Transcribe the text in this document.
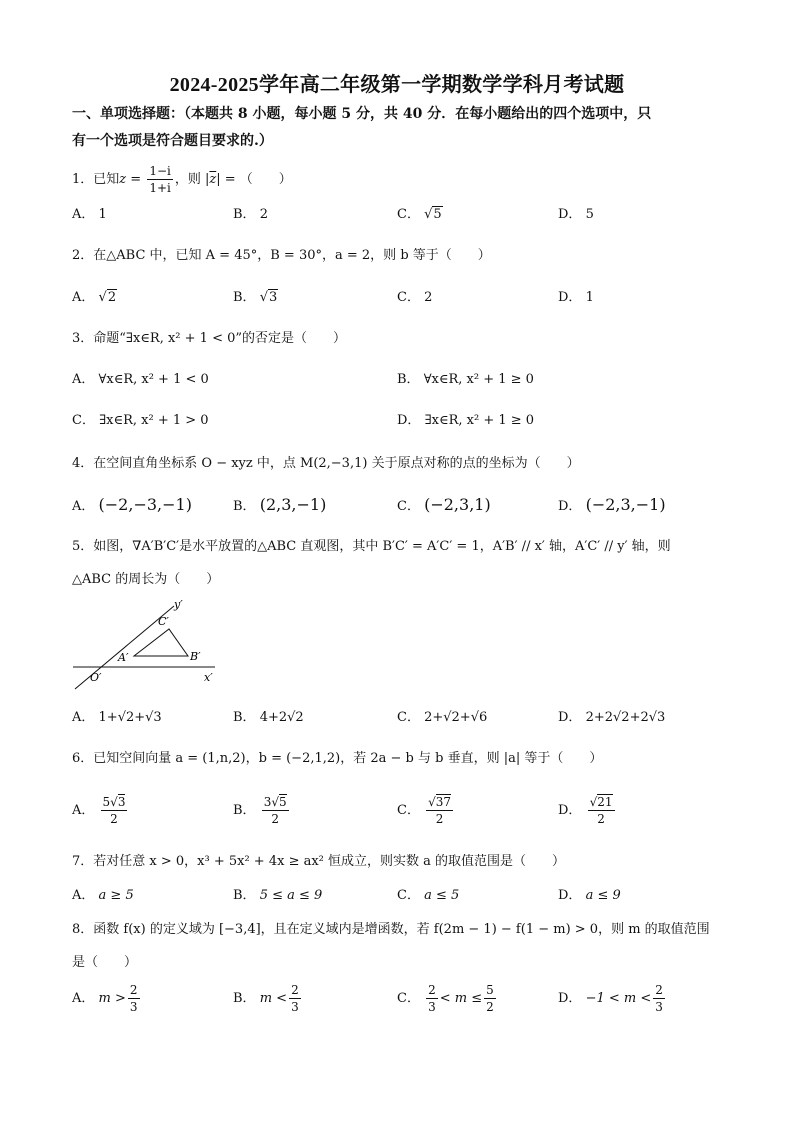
2024-2025学年高二年级第一学期数学学科月考试题
一、单项选择题：（本题共 8 小题，每小题 5 分，共 40 分．在每小题给出的四个选项中，只
有一个选项是符合题目要求的.）
1．已知$z = \frac{1-i}{1+i}$ ，则 $|\overline{z}|$ = （　　）
A． 1	B． 2	C． √5	D． 5
2．在△ABC 中，已知 A = 45°，B = 30°，a = 2，则 b 等于（　　）
A． √2	B． √3	C． 2	D． 1
3．命题“∃x∈R, x² + 1 < 0”的否定是（　　）
A． ∀x∈R, x² + 1 < 0	B． ∀x∈R, x² + 1 ≥ 0
C． ∃x∈R, x² + 1 > 0	D． ∃x∈R, x² + 1 ≥ 0
4．在空间直角坐标系 O − xyz 中，点 M(2,−3,1) 关于原点对称的点的坐标为（　　）
A． (−2,−3,−1)	B． (2,3,−1)	C． (−2,3,1)	D． (−2,3,−1)
5．如图，∇A′B′C′是水平放置的△ABC 直观图，其中 B′C′ = A′C′ = 1，A′B′ // x′ 轴，A′C′ // y′ 轴，则
△ABC 的周长为（　　）
y′
C′
A′	B′
O′	x′
A． 1+√2+√3	B． 4+2√2	C． 2+√2+√6	D． 2+2√2+2√3
6．已知空间向量 a = (1,n,2)，b = (−2,1,2)，若 2a − b 与 b 垂直，则 |a| 等于（　　）
A． $\frac{5√3}{2}$	B． $\frac{3√5}{2}$	C． $\frac{√37}{2}$	D． $\frac{√21}{2}$
7．若对任意 x > 0，x³ + 5x² + 4x ≥ ax² 恒成立，则实数 a 的取值范围是（　　）
A． a ≥ 5	B． 5 ≤ a ≤ 9	C． a ≤ 5	D． a ≤ 9
8．函数 f(x) 的定义域为 [−3,4]，且在定义域内是增函数，若 f(2m − 1) − f(1 − m) > 0，则 m 的取值范围
是（　　）
A． $m > \frac{2}{3}$	B． $m < \frac{2}{3}$	C． $\frac{2}{3} < m \le \frac{5}{2}$	D． $-1 < m < \frac{2}{3}$
